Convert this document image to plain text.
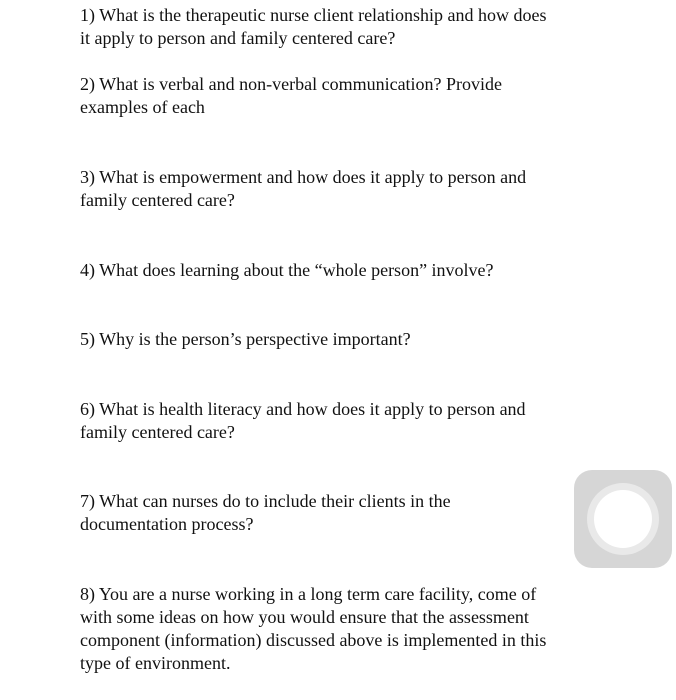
1) What is the therapeutic nurse client relationship and how does
it apply to person and family centered care?

2) What is verbal and non-verbal communication? Provide
examples of each

3) What is empowerment and how does it apply to person and
family centered care?

4) What does learning about the “whole person” involve?

5) Why is the person’s perspective important?

6) What is health literacy and how does it apply to person and
family centered care?

7) What can nurses do to include their clients in the
documentation process?

8) You are a nurse working in a long term care facility, come of
with some ideas on how you would ensure that the assessment
component (information) discussed above is implemented in this
type of environment.
